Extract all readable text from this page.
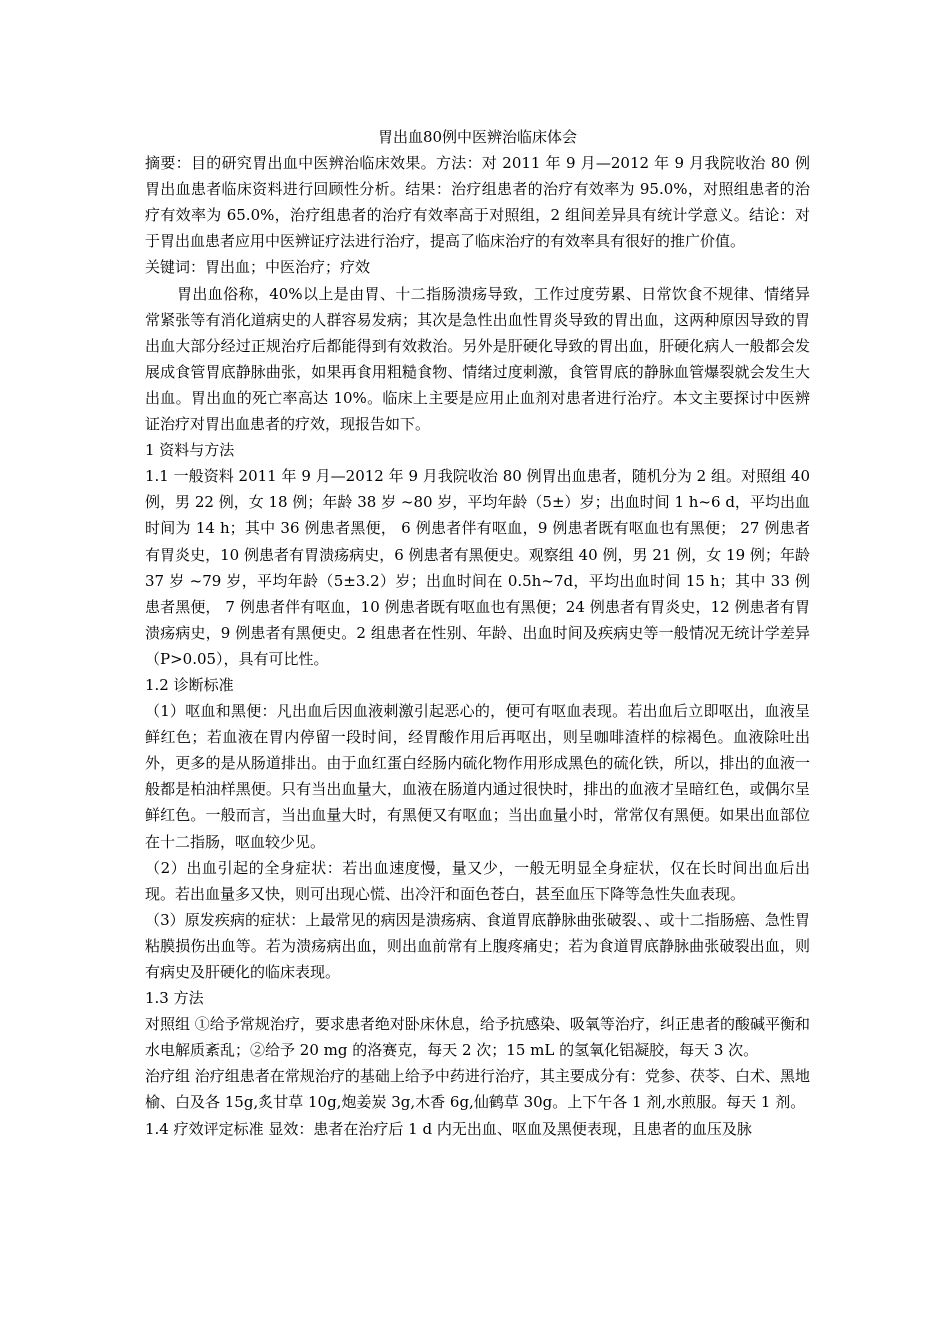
胃出血80例中医辨治临床体会

摘要：目的研究胃出血中医辨治临床效果。方法：对 2011 年 9 月—2012 年 9 月我院收治 80 例胃出血患者临床资料进行回顾性分析。结果：治疗组患者的治疗有效率为 95.0%，对照组患者的治疗有效率为 65.0%，治疗组患者的治疗有效率高于对照组，2 组间差异具有统计学意义。结论：对于胃出血患者应用中医辨证疗法进行治疗，提高了临床治疗的有效率具有很好的推广价值。

关键词：胃出血；中医治疗；疗效

胃出血俗称，40%以上是由胃、十二指肠溃疡导致，工作过度劳累、日常饮食不规律、情绪异常紧张等有消化道病史的人群容易发病；其次是急性出血性胃炎导致的胃出血，这两种原因导致的胃出血大部分经过正规治疗后都能得到有效救治。另外是肝硬化导致的胃出血，肝硬化病人一般都会发展成食管胃底静脉曲张，如果再食用粗糙食物、情绪过度刺激，食管胃底的静脉血管爆裂就会发生大出血。胃出血的死亡率高达 10%。临床上主要是应用止血剂对患者进行治疗。本文主要探讨中医辨证治疗对胃出血患者的疗效，现报告如下。

1 资料与方法

1.1 一般资料 2011 年 9 月—2012 年 9 月我院收治 80 例胃出血患者，随机分为 2 组。对照组 40 例，男 22 例，女 18 例；年龄 38 岁 ~80 岁，平均年龄（5±）岁；出血时间 1 h~6 d，平均出血时间为 14 h；其中 36 例患者黑便， 6 例患者伴有呕血，9 例患者既有呕血也有黑便； 27 例患者有胃炎史，10 例患者有胃溃疡病史，6 例患者有黑便史。观察组 40 例，男 21 例，女 19 例；年龄 37 岁 ~79 岁，平均年龄（5±3.2）岁；出血时间在 0.5h~7d，平均出血时间 15 h；其中 33 例患者黑便， 7 例患者伴有呕血，10 例患者既有呕血也有黑便；24 例患者有胃炎史，12 例患者有胃溃疡病史，9 例患者有黑便史。2 组患者在性别、年龄、出血时间及疾病史等一般情况无统计学差异（P>0.05），具有可比性。

1.2 诊断标准

（1）呕血和黑便：凡出血后因血液刺激引起恶心的，便可有呕血表现。若出血后立即呕出，血液呈鲜红色；若血液在胃内停留一段时间，经胃酸作用后再呕出，则呈咖啡渣样的棕褐色。血液除吐出外，更多的是从肠道排出。由于血红蛋白经肠内硫化物作用形成黑色的硫化铁，所以，排出的血液一般都是柏油样黑便。只有当出血量大，血液在肠道内通过很快时，排出的血液才呈暗红色，或偶尔呈鲜红色。一般而言，当出血量大时，有黑便又有呕血；当出血量小时，常常仅有黑便。如果出血部位在十二指肠，呕血较少见。

（2）出血引起的全身症状：若出血速度慢，量又少，一般无明显全身症状，仅在长时间出血后出现。若出血量多又快，则可出现心慌、出冷汗和面色苍白，甚至血压下降等急性失血表现。

（3）原发疾病的症状：上最常见的病因是溃疡病、食道胃底静脉曲张破裂、、或十二指肠癌、急性胃粘膜损伤出血等。若为溃疡病出血，则出血前常有上腹疼痛史；若为食道胃底静脉曲张破裂出血，则有病史及肝硬化的临床表现。

1.3 方法

对照组 ①给予常规治疗，要求患者绝对卧床休息，给予抗感染、吸氧等治疗，纠正患者的酸碱平衡和水电解质紊乱；②给予 20 mg 的洛赛克，每天 2 次；15 mL 的氢氧化铝凝胶，每天 3 次。

治疗组 治疗组患者在常规治疗的基础上给予中药进行治疗，其主要成分有：党参、茯苓、白术、黑地榆、白及各 15g,炙甘草 10g,炮姜炭 3g,木香 6g,仙鹤草 30g。上下午各 1 剂,水煎服。每天 1 剂。

1.4 疗效评定标准 显效：患者在治疗后 1 d 内无出血、呕血及黑便表现，且患者的血压及脉
